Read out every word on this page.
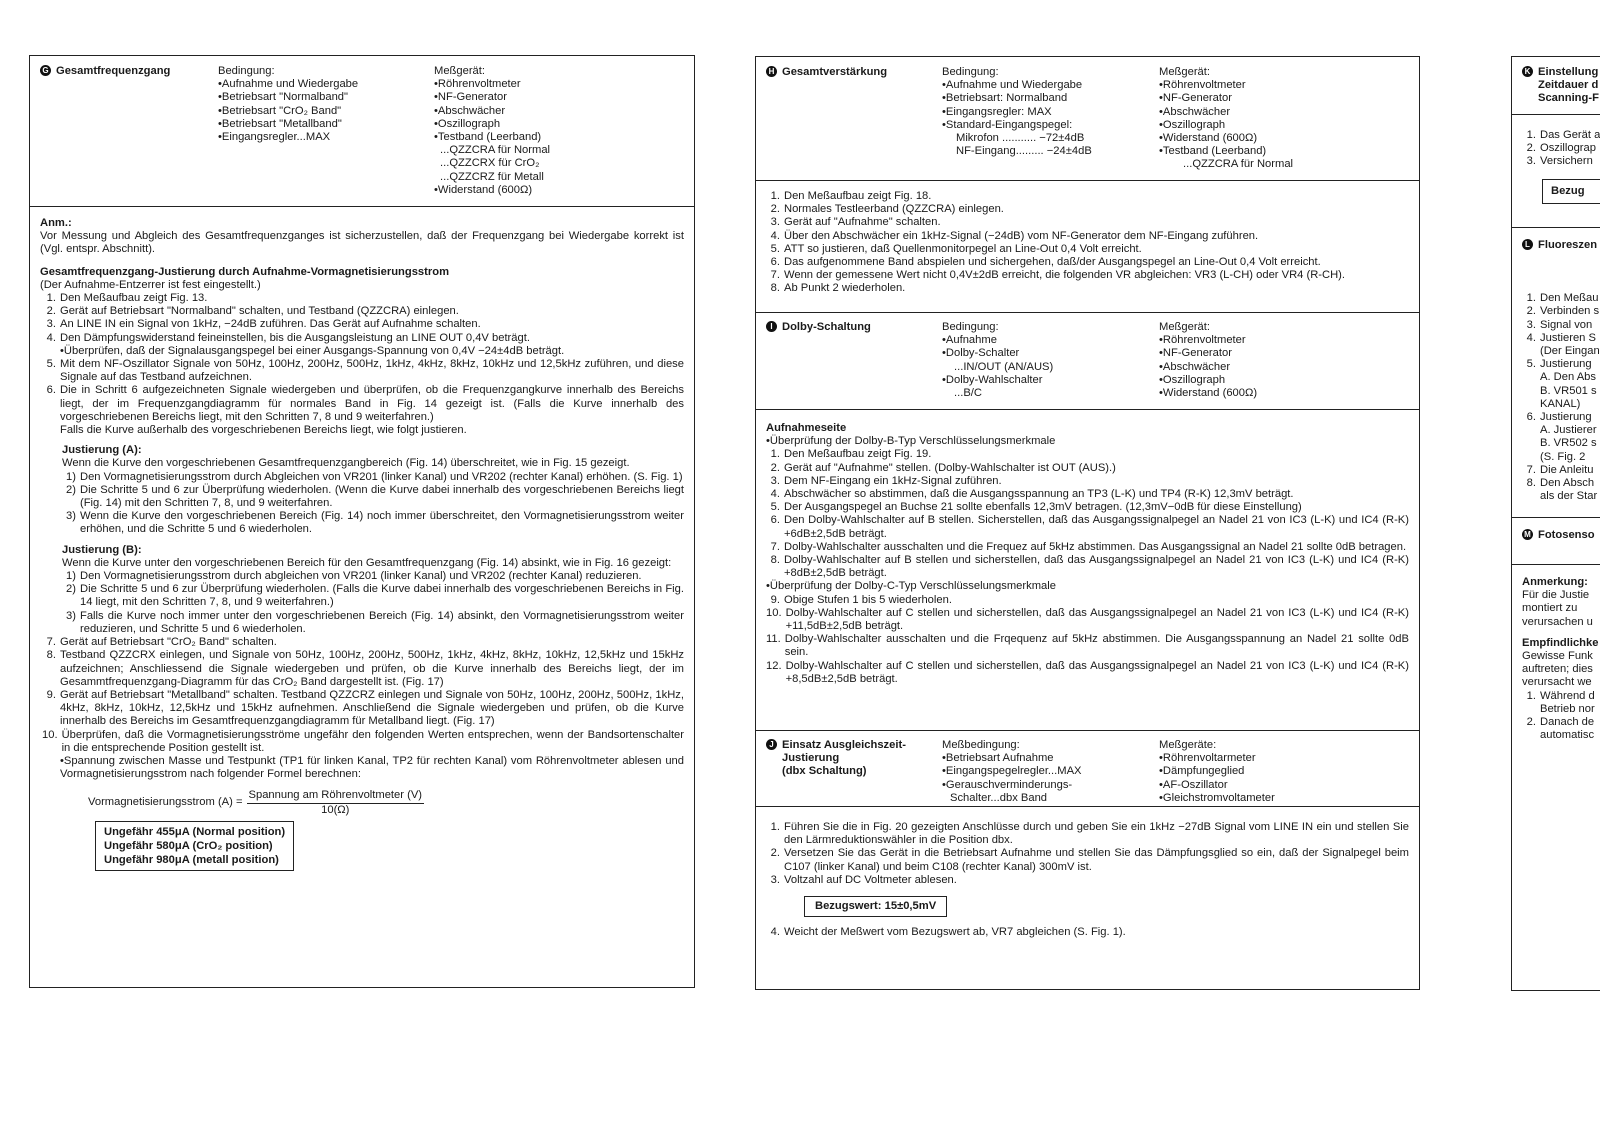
G Gesamtfrequenzgang	Bedingung:
•Aufnahme und Wiedergabe
•Betriebsart "Normalband"
•Betriebsart "CrO₂ Band"
•Betriebsart "Metallband"
•Eingangsregler...MAX
Meßgerät:
•Röhrenvoltmeter
•NF-Generator
•Abschwächer
•Oszillograph
•Testband (Leerband)
...QZZCRA für Normal
...QZZCRX für CrO₂
...QZZCRZ für Metall
•Widerstand (600Ω)

Anm.:

Vor Messung und Abgleich des Gesamtfrequenzganges ist sicherzustellen, daß der Frequenzgang bei Wiedergabe korrekt ist (Vgl. entspr. Abschnitt).

Gesamtfrequenzgang-Justierung durch Aufnahme-Vormagnetisierungsstrom

(Der Aufnahme-Entzerrer ist fest eingestellt.)

1. Den Meßaufbau zeigt Fig. 13.
2. Gerät auf Betriebsart "Normalband" schalten, und Testband (QZZCRA) einlegen.
3. An LINE IN ein Signal von 1kHz, −24dB zuführen. Das Gerät auf Aufnahme schalten.
4. Den Dämpfungswiderstand feineinstellen, bis die Ausgangsleistung an LINE OUT 0,4V beträgt.
•Überprüfen, daß der Signalausgangspegel bei einer Ausgangs-Spannung von 0,4V −24±4dB beträgt.
5. Mit dem NF-Oszillator Signale von 50Hz, 100Hz, 200Hz, 500Hz, 1kHz, 4kHz, 8kHz, 10kHz und 12,5kHz zuführen, und diese Signale auf das Testband aufzeichnen.
6. Die in Schritt 6 aufgezeichneten Signale wiedergeben und überprüfen, ob die Frequenzgangkurve innerhalb des Bereichs liegt, der im Frequenzgangdiagramm für normales Band in Fig. 14 gezeigt ist. (Falls die Kurve innerhalb des vorgeschriebenen Bereichs liegt, mit den Schritten 7, 8 und 9 weiterfahren.)
Falls die Kurve außerhalb des vorgeschriebenen Bereichs liegt, wie folgt justieren.

Justierung (A):

Wenn die Kurve den vorgeschriebenen Gesamtfrequenzgangbereich (Fig. 14) überschreitet, wie in Fig. 15 gezeigt.

1) Den Vormagnetisierungsstrom durch Abgleichen von VR201 (linker Kanal) und VR202 (rechter Kanal) erhöhen. (S. Fig. 1)
2) Die Schritte 5 und 6 zur Überprüfung wiederholen. (Wenn die Kurve dabei innerhalb des vorgeschriebenen Bereichs liegt (Fig. 14) mit den Schritten 7, 8, und 9 weiterfahren.
3) Wenn die Kurve den vorgeschriebenen Bereich (Fig. 14) noch immer überschreitet, den Vormagnetisierungsstrom weiter erhöhen, und die Schritte 5 und 6 wiederholen.

Justierung (B):

Wenn die Kurve unter den vorgeschriebenen Bereich für den Gesamtfrequenzgang (Fig. 14) absinkt, wie in Fig. 16 gezeigt:

1) Den Vormagnetisierungsstrom durch abgleichen von VR201 (linker Kanal) und VR202 (rechter Kanal) reduzieren.
2) Die Schritte 5 und 6 zur Überprüfung wiederholen. (Falls die Kurve dabei innerhalb des vorgeschriebenen Bereichs in Fig. 14 liegt, mit den Schritten 7, 8, und 9 weiterfahren.)
3) Falls die Kurve noch immer unter den vorgeschriebenen Bereich (Fig. 14) absinkt, den Vormagnetisierungsstrom weiter reduzieren, und Schritte 5 und 6 wiederholen.
7. Gerät auf Betriebsart "CrO₂ Band" schalten.
8. Testband QZZCRX einlegen, und Signale von 50Hz, 100Hz, 200Hz, 500Hz, 1kHz, 4kHz, 8kHz, 10kHz, 12,5kHz und 15kHz aufzeichnen; Anschliessend die Signale wiedergeben und prüfen, ob die Kurve innerhalb des Bereichs liegt, der im Gesammtfrequenzgang-Diagramm für das CrO₂ Band dargestellt ist. (Fig. 17)
9. Gerät auf Betriebsart "Metallband" schalten. Testband QZZCRZ einlegen und Signale von 50Hz, 100Hz, 200Hz, 500Hz, 1kHz, 4kHz, 8kHz, 10kHz, 12,5kHz und 15kHz aufnehmen. Anschließend die Signale wiedergeben und prüfen, ob die Kurve innerhalb des Bereichs im Gesamtfrequenzgangdiagramm für Metallband liegt. (Fig. 17)
10. Überprüfen, daß die Vormagnetisierungsströme ungefähr den folgenden Werten entsprechen, wenn der Bandsortenschalter in die entsprechende Position gestellt ist.
•Spannung zwischen Masse und Testpunkt (TP1 für linken Kanal, TP2 für rechten Kanal) vom Röhrenvoltmeter ablesen und Vormagnetisierungsstrom nach folgender Formel berechnen:
Vormagnetisierungsstrom $(A) = \frac{\text{Spannung am Röhrenvoltmeter (V)}}{10(\Omega)}$
Ungefähr 455μA (Normal position)
Ungefähr 580μA (CrO₂ position)
Ungefähr 980μA (metall position)
H Gesamtverstärkung	Bedingung:
•Aufnahme und Wiedergabe
•Betriebsart: Normalband
•Eingangsregler: MAX
•Standard-Eingangspegel:
Mikrofon ........... −72±4dB
NF-Eingang......... −24±4dB
Meßgerät:
•Röhrenvoltmeter
•NF-Generator
•Abschwächer
•Oszillograph
•Widerstand (600Ω)
•Testband (Leerband)
...QZZCRA für Normal
1. Den Meßaufbau zeigt Fig. 18.
2. Normales Testleerband (QZZCRA) einlegen.
3. Gerät auf "Aufnahme" schalten.
4. Über den Abschwächer ein 1kHz-Signal (−24dB) vom NF-Generator dem NF-Eingang zuführen.
5. ATT so justieren, daß Quellenmonitorpegel an Line-Out 0,4 Volt erreicht.
6. Das aufgenommene Band abspielen und sichergehen, daß/der Ausgangspegel an Line-Out 0,4 Volt erreicht.
7. Wenn der gemessene Wert nicht 0,4V±2dB erreicht, die folgenden VR abgleichen: VR3 (L-CH) oder VR4 (R-CH).
8. Ab Punkt 2 wiederholen.
I Dolby-Schaltung	Bedingung:
•Aufnahme
•Dolby-Schalter
...IN/OUT (AN/AUS)
•Dolby-Wahlschalter
...B/C
Meßgerät:
•Röhrenvoltmeter
•NF-Generator
•Abschwächer
•Oszillograph
•Widerstand (600Ω)

Aufnahmeseite

•Überprüfung der Dolby-B-Typ Verschlüsselungsmerkmale

1. Den Meßaufbau zeigt Fig. 19.
2. Gerät auf "Aufnahme" stellen. (Dolby-Wahlschalter ist OUT (AUS).)
3. Dem NF-Eingang ein 1kHz-Signal zuführen.
4. Abschwächer so abstimmen, daß die Ausgangsspannung an TP3 (L-K) und TP4 (R-K) 12,3mV beträgt.
5. Der Ausgangspegel an Buchse 21 sollte ebenfalls 12,3mV betragen. (12,3mV−0dB für diese Einstellung)
6. Den Dolby-Wahlschalter auf B stellen. Sicherstellen, daß das Ausgangssignalpegel an Nadel 21 von IC3 (L-K) und IC4 (R-K) +6dB±2,5dB beträgt.
7. Dolby-Wahlschalter ausschalten und die Frequez auf 5kHz abstimmen. Das Ausgangssignal an Nadel 21 sollte 0dB betragen.
8. Dolby-Wahlschalter auf B stellen und sicherstellen, daß das Ausgangssignalpegel an Nadel 21 von IC3 (L-K) und IC4 (R-K) +8dB±2,5dB beträgt.

•Überprüfung der Dolby-C-Typ Verschlüsselungsmerkmale

9. Obige Stufen 1 bis 5 wiederholen.
10. Dolby-Wahlschalter auf C stellen und sicherstellen, daß das Ausgangssignalpegel an Nadel 21 von IC3 (L-K) und IC4 (R-K) +11,5dB±2,5dB beträgt.
11. Dolby-Wahlschalter ausschalten und die Frqequenz auf 5kHz abstimmen. Die Ausgangsspannung an Nadel 21 sollte 0dB sein.
12. Dolby-Wahlschalter auf C stellen und sicherstellen, daß das Ausgangssignalpegel an Nadel 21 von IC3 (L-K) und IC4 (R-K) +8,5dB±2,5dB beträgt.
J Einsatz Ausgleichszeit-
Justierung
(dbx Schaltung)
Meßbedingung:
•Betriebsart Aufnahme
•Eingangspegelregler...MAX
•Gerauschverminderungs-
Schalter...dbx Band
Meßgeräte:
•Röhrenvoltarmeter
•Dämpfungeglied
•AF-Oszillator
•Gleichstromvoltameter
1. Führen Sie die in Fig. 20 gezeigten Anschlüsse durch und geben Sie ein 1kHz −27dB Signal vom LINE IN ein und stellen Sie den Lärmreduktionswähler in die Position dbx.
2. Versetzen Sie das Gerät in die Betriebsart Aufnahme und stellen Sie das Dämpfungsglied so ein, daß der Signalpegel beim C107 (linker Kanal) und beim C108 (rechter Kanal) 300mV ist.
3. Voltzahl auf DC Voltmeter ablesen.
Bezugswert: 15±0,5mV
4. Weicht der Meßwert vom Bezugswert ab, VR7 abgleichen (S. Fig. 1).
K Einstellung
Zeitdauer d
Scanning-F
1. Das Gerät a
2. Oszillograp
3. Versichern
Bezug
L Fluoreszen
1. Den Meßau
2. Verbinden s
3. Signal von
4. Justieren S
(Der Eingan
5. Justierung
A. Den Abs
B. VR501 s
KANAL)
6. Justierung
A. Justierer
B. VR502 s
(S. Fig. 2
7. Die Anleitu
8. Den Absch
als der Star
M Fotosenso

Anmerkung:

Für die Justie
montiert zu
verursachen u

Empfindlichke

Gewisse Funk
auftreten; dies
verursacht we
1. Während d
Betrieb nor
2. Danach de
automatisc
